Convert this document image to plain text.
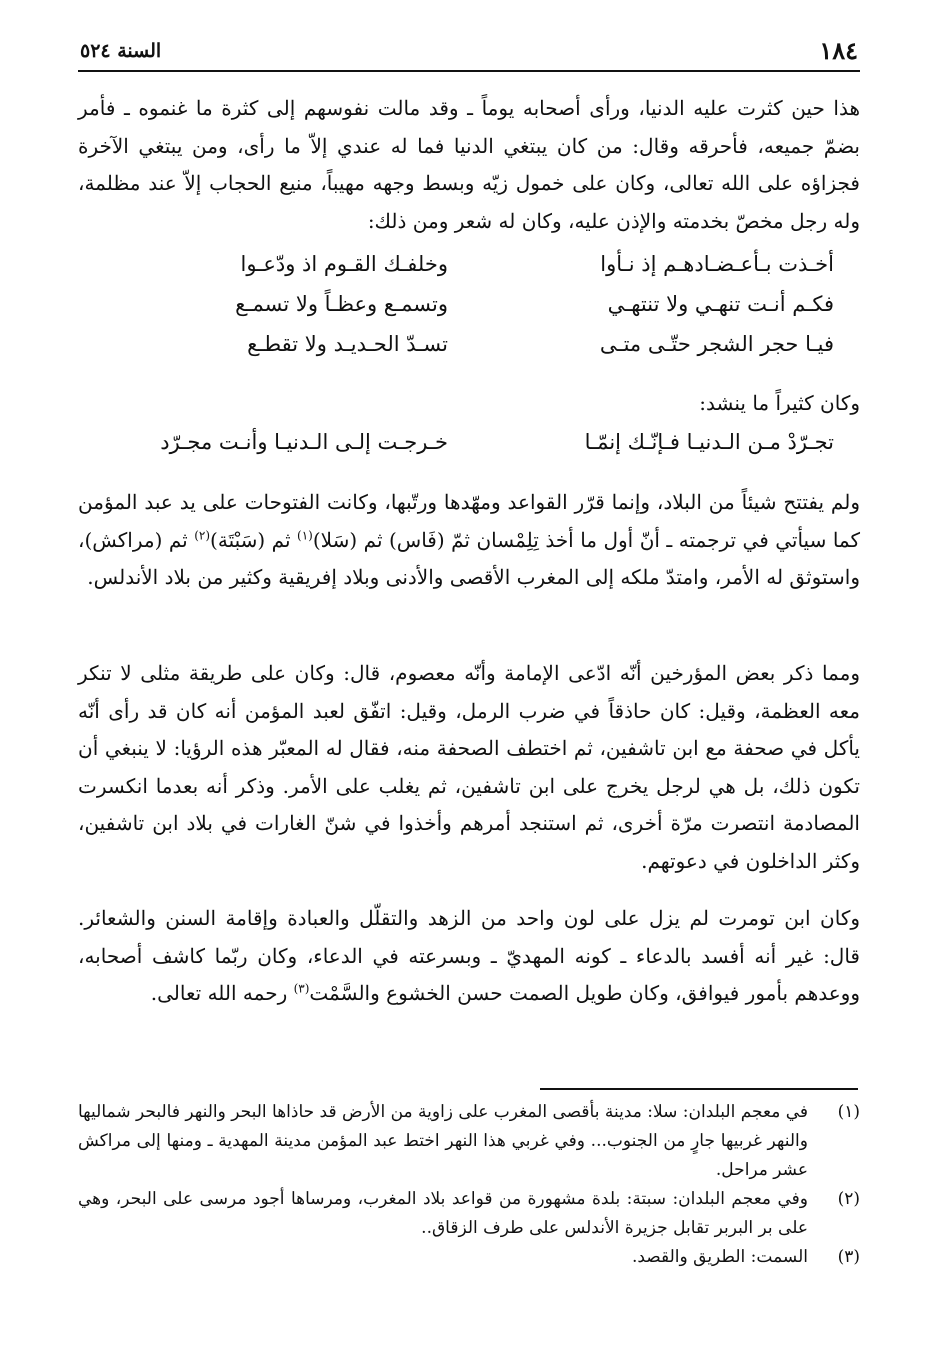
١٨٤
السنة ٥٢٤

هذا حين كثرت عليه الدنيا، ورأى أصحابه يوماً ـ وقد مالت نفوسهم إلى كثرة ما غنموه ـ فأمر بضمّ جميعه، فأحرقه وقال: من كان يبتغي الدنيا فما له عندي إلاّ ما رأى، ومن يبتغي الآخرة فجزاؤه على الله تعالى، وكان على خمول زيّه وبسط وجهه مهيباً، منيع الحجاب إلاّ عند مظلمة، وله رجل مخصّ بخدمته والإذن عليه، وكان له شعر ومن ذلك:

أخـذت بـأعـضـادهـم إذ نـأوا
وخلفـك القـوم اذ ودّعـوا
فكـم أنـت تنهـي ولا تنتهـي
وتسمـع وعظـاً ولا تسمـع
فيـا حجر الشجر حتّـى متـى
تسـدّ الحـديـد ولا تقطـع

وكان كثيراً ما ينشد:

تجـرّدْ مـن الـدنيـا فـإنّـك إنمّـا
خـرجـت إلـى الـدنيـا وأنـت مجـرّد

ولم يفتتح شيئاً من البلاد، وإنما قرّر القواعد ومهّدها ورتّبها، وكانت الفتوحات على يد عبد المؤمن كما سيأتي في ترجمته ـ أنّ أول ما أخذ تِلِمْسان ثمّ (فَاس) ثم (سَلا)$^{(١)}$ ثم (سَبْتَة)$^{(٢)}$ ثم (مراكش)، واستوثق له الأمر، وامتدّ ملكه إلى المغرب الأقصى والأدنى وبلاد إفريقية وكثير من بلاد الأندلس.

ومما ذكر بعض المؤرخين أنّه ادّعى الإمامة وأنّه معصوم، قال: وكان على طريقة مثلى لا تنكر معه العظمة، وقيل: كان حاذقاً في ضرب الرمل، وقيل: اتفّق لعبد المؤمن أنه كان قد رأى أنّه يأكل في صحفة مع ابن تاشفين، ثم اختطف الصحفة منه، فقال له المعبّر هذه الرؤيا: لا ينبغي أن تكون ذلك، بل هي لرجل يخرج على ابن تاشفين، ثم يغلب على الأمر. وذكر أنه بعدما انكسرت المصادمة انتصرت مرّة أخرى، ثم استنجد أمرهم وأخذوا في شنّ الغارات في بلاد ابن تاشفين، وكثر الداخلون في دعوتهم.

وكان ابن تومرت لم يزل على لون واحد من الزهد والتقلّل والعبادة وإقامة السنن والشعائر. قال: غير أنه أفسد بالدعاء ـ كونه المهديّ ـ وبسرعته في الدعاء، وكان ربّما كاشف أصحابه، ووعدهم بأمور فيوافق، وكان طويل الصمت حسن الخشوع والسَّمْت$^{(٣)}$ رحمه الله تعالى.

(١)
في معجم البلدان: سلا: مدينة بأقصى المغرب على زاوية من الأرض قد حاذاها البحر والنهر فالبحر شماليها والنهر غربيها جارٍ من الجنوب... وفي غربي هذا النهر اختط عبد المؤمن مدينة المهدية ـ ومنها إلى مراكش عشر مراحل.
(٢)
وفي معجم البلدان: سبتة: بلدة مشهورة من قواعد بلاد المغرب، ومرساها أجود مرسى على البحر، وهي على بر البربر تقابل جزيرة الأندلس على طرف الزقاق..
(٣)
السمت: الطريق والقصد.
